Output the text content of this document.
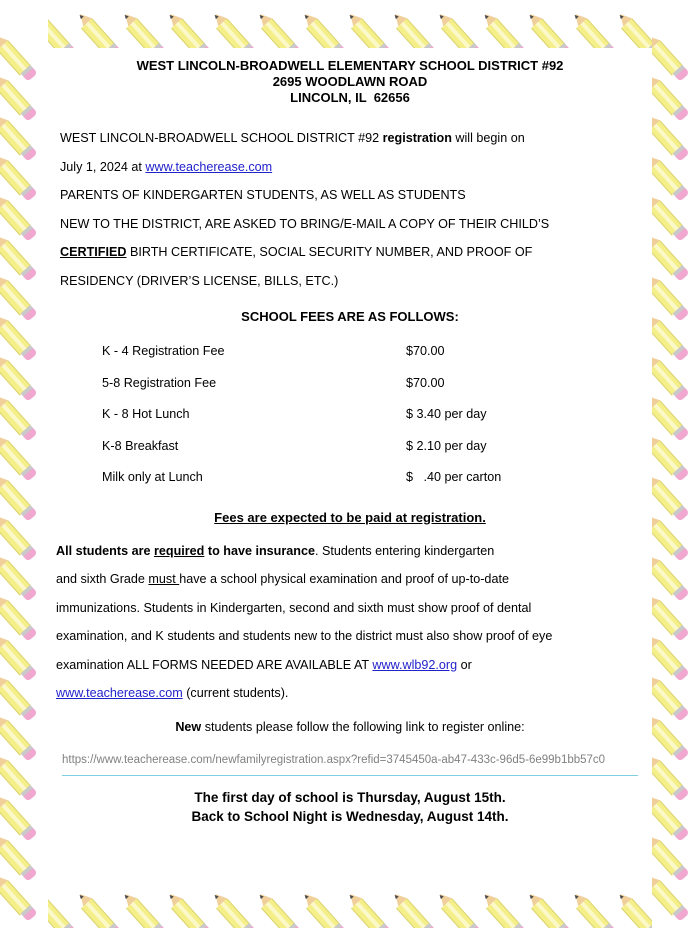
WEST LINCOLN-BROADWELL ELEMENTARY SCHOOL DISTRICT #92
2695 WOODLAWN ROAD
LINCOLN, IL  62656
WEST LINCOLN-BROADWELL SCHOOL DISTRICT #92 registration will begin on
July 1, 2024 at www.teacherease.com
PARENTS OF KINDERGARTEN STUDENTS, AS WELL AS STUDENTS
NEW TO THE DISTRICT, ARE ASKED TO BRING/E-MAIL A COPY OF THEIR CHILD’S
CERTIFIED BIRTH CERTIFICATE, SOCIAL SECURITY NUMBER, AND PROOF OF
RESIDENCY (DRIVER’S LICENSE, BILLS, ETC.)
SCHOOL FEES ARE AS FOLLOWS:
K - 4 Registration Fee	$70.00
5-8 Registration Fee	$70.00
K - 8 Hot Lunch	$ 3.40 per day
K-8 Breakfast	$ 2.10 per day
Milk only at Lunch	$   .40 per carton
Fees are expected to be paid at registration.
All students are required to have insurance. Students entering kindergarten
and sixth Grade must have a school physical examination and proof of up-to-date
immunizations. Students in Kindergarten, second and sixth must show proof of dental
examination, and K students and students new to the district must also show proof of eye
examination ALL FORMS NEEDED ARE AVAILABLE AT www.wlb92.org or
www.teacherease.com (current students).
New students please follow the following link to register online:
https://www.teacherease.com/newfamilyregistration.aspx?refid=3745450a-ab47-433c-96d5-6e99b1bb57c0
The first day of school is Thursday, August 15th.
Back to School Night is Wednesday, August 14th.
